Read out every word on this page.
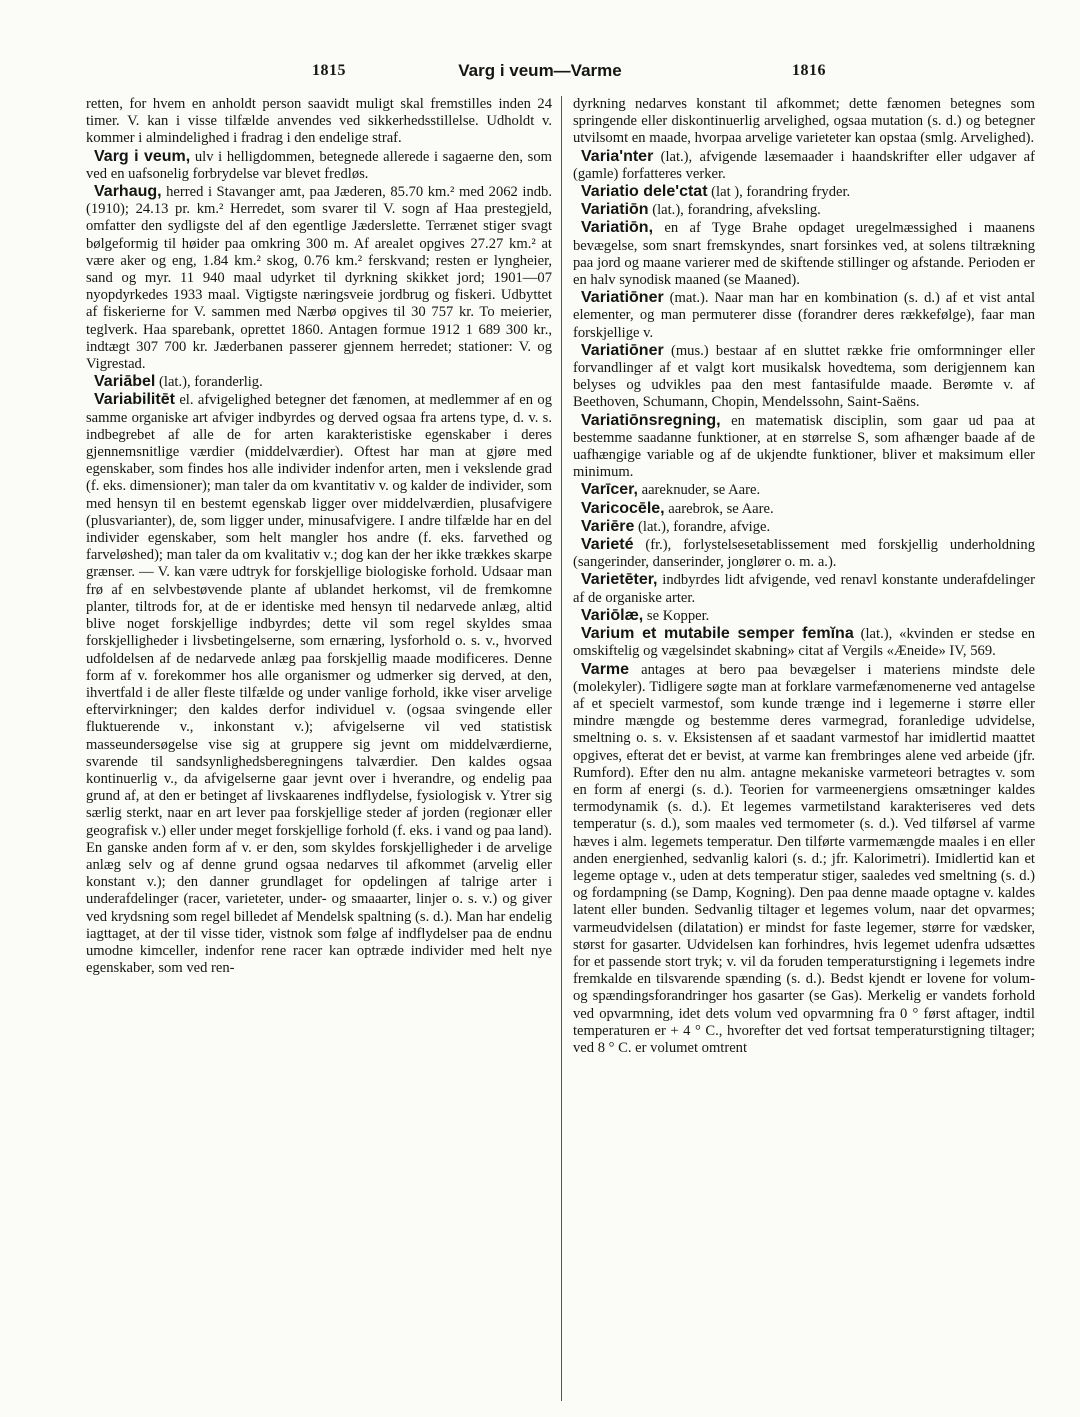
1815	Varg i veum—Varme	1816

retten, for hvem en anholdt person saavidt muligt skal fremstilles inden 24 timer. V. kan i visse tilfælde anvendes ved sikkerhedsstillelse. Udholdt v. kommer i almindelighed i fradrag i den endelige straf.

Varg i veum, ulv i helligdommen, betegnede allerede i sagaerne den, som ved en uafsonelig forbrydelse var blevet fredløs.

Varhaug, herred i Stavanger amt, paa Jæderen, 85.70 km.² med 2062 indb. (1910); 24.13 pr. km.² Herredet, som svarer til V. sogn af Haa prestegjeld, omfatter den sydligste del af den egentlige Jæderslette. Terrænet stiger svagt bølgeformig til høider paa omkring 300 m. Af arealet opgives 27.27 km.² at være aker og eng, 1.84 km.² skog, 0.76 km.² ferskvand; resten er lyngheier, sand og myr. 11 940 maal udyrket til dyrkning skikket jord; 1901—07 nyopdyrkedes 1933 maal. Vigtigste næringsveie jordbrug og fiskeri. Udbyttet af fiskerierne for V. sammen med Nærbø opgives til 30 757 kr. To meierier, teglverk. Haa sparebank, oprettet 1860. Antagen formue 1912 1 689 300 kr., indtægt 307 700 kr. Jæderbanen passerer gjennem herredet; stationer: V. og Vigrestad.

Variābel (lat.), foranderlig.

Variabilitēt el. afvigelighed betegner det fænomen, at medlemmer af en og samme organiske art afviger indbyrdes og derved ogsaa fra artens type, d. v. s. indbegrebet af alle de for arten karakteristiske egenskaber i deres gjennemsnitlige værdier (middelværdier). Oftest har man at gjøre med egenskaber, som findes hos alle individer indenfor arten, men i vekslende grad (f. eks. dimensioner); man taler da om kvantitativ v. og kalder de individer, som med hensyn til en bestemt egenskab ligger over middelværdien, plusafvigere (plusvarianter), de, som ligger under, minusafvigere. I andre tilfælde har en del individer egenskaber, som helt mangler hos andre (f. eks. farvethed og farveløshed); man taler da om kvalitativ v.; dog kan der her ikke trækkes skarpe grænser. — V. kan være udtryk for forskjellige biologiske forhold. Udsaar man frø af en selvbestøvende plante af ublandet herkomst, vil de fremkomne planter, tiltrods for, at de er identiske med hensyn til nedarvede anlæg, altid blive noget forskjellige indbyrdes; dette vil som regel skyldes smaa forskjelligheder i livsbetingelserne, som ernæring, lysforhold o. s. v., hvorved udfoldelsen af de nedarvede anlæg paa forskjellig maade modificeres. Denne form af v. forekommer hos alle organismer og udmerker sig derved, at den, ihvertfald i de aller fleste tilfælde og under vanlige forhold, ikke viser arvelige eftervirkninger; den kaldes derfor individuel v. (ogsaa svingende eller fluktuerende v., inkonstant v.); afvigelserne vil ved statistisk masseundersøgelse vise sig at gruppere sig jevnt om middelværdierne, svarende til sandsynlighedsberegningens talværdier. Den kaldes ogsaa kontinuerlig v., da afvigelserne gaar jevnt over i hverandre, og endelig paa grund af, at den er betinget af livskaarenes indflydelse, fysiologisk v. Ytrer sig særlig sterkt, naar en art lever paa forskjellige steder af jorden (regionær eller geografisk v.) eller under meget forskjellige forhold (f. eks. i vand og paa land). En ganske anden form af v. er den, som skyldes forskjelligheder i de arvelige anlæg selv og af denne grund ogsaa nedarves til afkommet (arvelig eller konstant v.); den danner grundlaget for opdelingen af talrige arter i underafdelinger (racer, varieteter, under- og smaaarter, linjer o. s. v.) og giver ved krydsning som regel billedet af Mendelsk spaltning (s. d.). Man har endelig iagttaget, at der til visse tider, vistnok som følge af indflydelser paa de endnu umodne kimceller, indenfor rene racer kan optræde individer med helt nye egenskaber, som ved ren-

dyrkning nedarves konstant til afkommet; dette fænomen betegnes som springende eller diskontinuerlig arvelighed, ogsaa mutation (s. d.) og betegner utvilsomt en maade, hvorpaa arvelige varieteter kan opstaa (smlg. Arvelighed).

Varia'nter (lat.), afvigende læsemaader i haandskrifter eller udgaver af (gamle) forfatteres verker.

Variatio dele'ctat (lat ), forandring fryder.

Variatiōn (lat.), forandring, afveksling.

Variatiōn, en af Tyge Brahe opdaget uregelmæssighed i maanens bevægelse, som snart fremskyndes, snart forsinkes ved, at solens tiltrækning paa jord og maane varierer med de skiftende stillinger og afstande. Perioden er en halv synodisk maaned (se Maaned).

Variatiōner (mat.). Naar man har en kombination (s. d.) af et vist antal elementer, og man permuterer disse (forandrer deres rækkefølge), faar man forskjellige v.

Variatiōner (mus.) bestaar af en sluttet række frie omformninger eller forvandlinger af et valgt kort musikalsk hovedtema, som derigjennem kan belyses og udvikles paa den mest fantasifulde maade. Berømte v. af Beethoven, Schumann, Chopin, Mendelssohn, Saint-Saëns.

Variatiōnsregning, en matematisk disciplin, som gaar ud paa at bestemme saadanne funktioner, at en størrelse S, som afhænger baade af de uafhængige variable og af de ukjendte funktioner, bliver et maksimum eller minimum.

Varīcer, aareknuder, se Aare.

Varicocēle, aarebrok, se Aare.

Variēre (lat.), forandre, afvige.

Varieté (fr.), forlystelsesetablissement med forskjellig underholdning (sangerinder, danserinder, jonglører o. m. a.).

Varietēter, indbyrdes lidt afvigende, ved renavl konstante underafdelinger af de organiske arter.

Variōlæ, se Kopper.

Varium et mutabile semper femĭna (lat.), «kvinden er stedse en omskiftelig og vægelsindet skabning» citat af Vergils «Æneide» IV, 569.

Varme antages at bero paa bevægelser i materiens mindste dele (molekyler). Tidligere søgte man at forklare varmefænomenerne ved antagelse af et specielt varmestof, som kunde trænge ind i legemerne i større eller mindre mængde og bestemme deres varmegrad, foranledige udvidelse, smeltning o. s. v. Eksistensen af et saadant varmestof har imidlertid maattet opgives, efterat det er bevist, at varme kan frembringes alene ved arbeide (jfr. Rumford). Efter den nu alm. antagne mekaniske varmeteori betragtes v. som en form af energi (s. d.). Teorien for varmeenergiens omsætninger kaldes termodynamik (s. d.). Et legemes varmetilstand karakteriseres ved dets temperatur (s. d.), som maales ved termometer (s. d.). Ved tilførsel af varme hæves i alm. legemets temperatur. Den tilførte varmemængde maales i en eller anden energienhed, sedvanlig kalori (s. d.; jfr. Kalorimetri). Imidlertid kan et legeme optage v., uden at dets temperatur stiger, saaledes ved smeltning (s. d.) og fordampning (se Damp, Kogning). Den paa denne maade optagne v. kaldes latent eller bunden. Sedvanlig tiltager et legemes volum, naar det opvarmes; varmeudvidelsen (dilatation) er mindst for faste legemer, større for vædsker, størst for gasarter. Udvidelsen kan forhindres, hvis legemet udenfra udsættes for et passende stort tryk; v. vil da foruden temperaturstigning i legemets indre fremkalde en tilsvarende spænding (s. d.). Bedst kjendt er lovene for volum- og spændingsforandringer hos gasarter (se Gas). Merkelig er vandets forhold ved opvarmning, idet dets volum ved opvarmning fra 0 ° først aftager, indtil temperaturen er + 4 ° C., hvorefter det ved fortsat temperaturstigning tiltager; ved 8 ° C. er volumet omtrent
